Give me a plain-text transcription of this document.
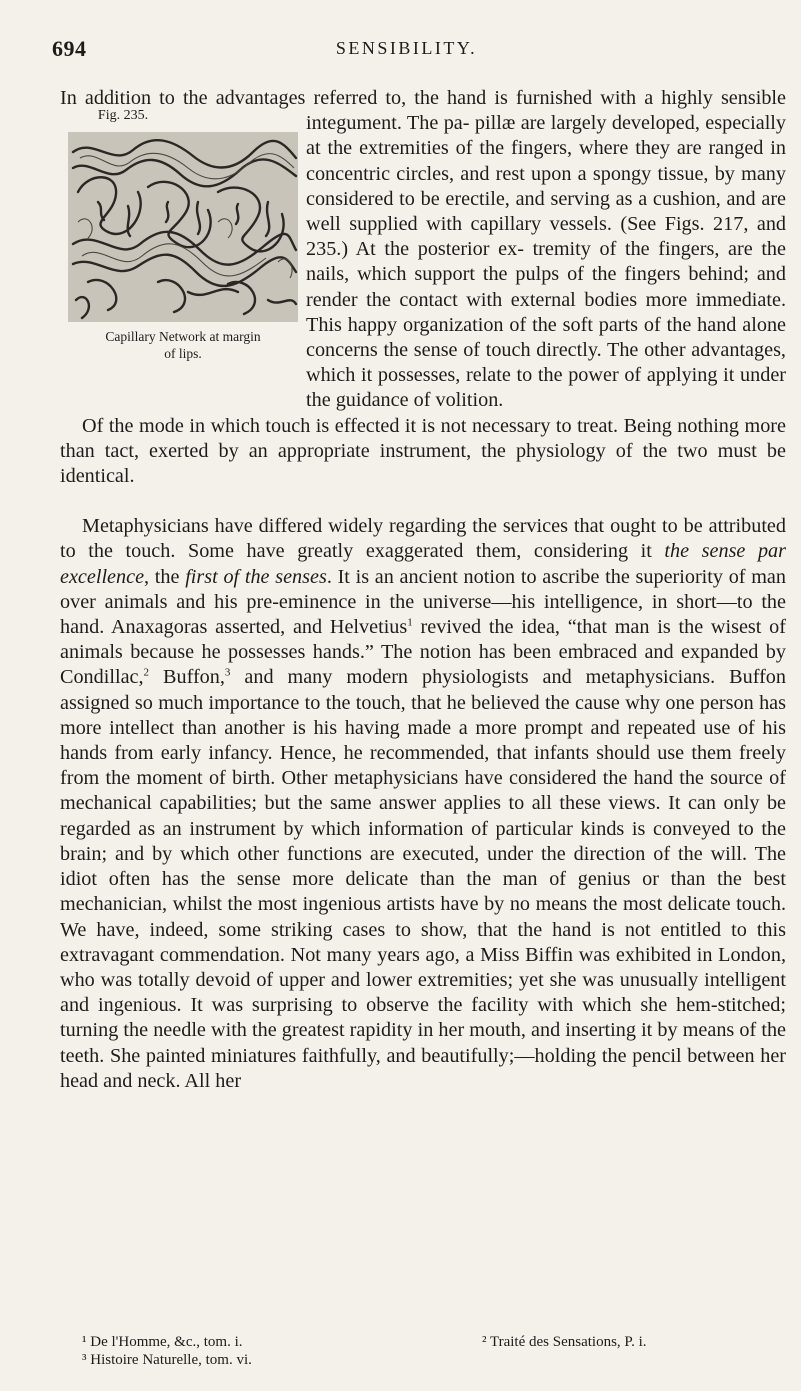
694	SENSIBILITY.
Fig. 235.
Capillary Network at margin
of lips.

In addition to the advantages referred to, the hand is furnished with
a highly sensible integument. The pa- pillæ are largely developed, especially at the extremities of the fingers, where they are ranged in concentric circles, and rest upon a spongy tissue, by many considered to be erectile, and serving as a cushion, and are well supplied with capillary vessels. (See Figs. 217, and 235.) At the posterior ex- tremity of the fingers, are the nails, which support the pulps of the fingers behind; and render the contact with external bodies more immediate. This happy organization of the soft parts of the hand alone concerns the sense of touch directly. The other advantages, which it possesses, relate to the power of applying it under the guidance of volition.

Of the mode in which touch is effected it is not necessary to treat. Being nothing more than tact, exerted by an appropriate instrument, the physiology of the two must be identical.

Metaphysicians have differed widely regarding the services that ought to be attributed to the touch. Some have greatly exaggerated them, considering it the sense par excellence, the first of the senses. It is an ancient notion to ascribe the superiority of man over animals and his pre-eminence in the universe—his intelligence, in short—to the hand. Anaxagoras asserted, and Helvetius$^1$ revived the idea, “that man is the wisest of animals because he possesses hands.” The notion has been embraced and expanded by Condillac,$^2$ Buffon,$^3$ and many modern physiologists and metaphysicians. Buffon assigned so much importance to the touch, that he believed the cause why one person has more intellect than another is his having made a more prompt and repeated use of his hands from early infancy. Hence, he recommended, that infants should use them freely from the moment of birth. Other metaphysicians have considered the hand the source of mechanical capabilities; but the same answer applies to all these views. It can only be regarded as an instrument by which information of particular kinds is conveyed to the brain; and by which other functions are executed, under the direction of the will. The idiot often has the sense more delicate than the man of genius or than the best mechanician, whilst the most ingenious artists have by no means the most delicate touch. We have, indeed, some striking cases to show, that the hand is not entitled to this extravagant commendation. Not many years ago, a Miss Biffin was exhibited in London, who was totally devoid of upper and lower extremities; yet she was unusually intelligent and ingenious. It was surprising to observe the facility with which she hem-stitched; turning the needle with the greatest rapidity in her mouth, and inserting it by means of the teeth. She painted miniatures faithfully, and beautifully;—holding the pencil between her head and neck. All her

¹ De l'Homme, &c., tom. i.	² Traité des Sensations, P. i.
³ Histoire Naturelle, tom. vi.
